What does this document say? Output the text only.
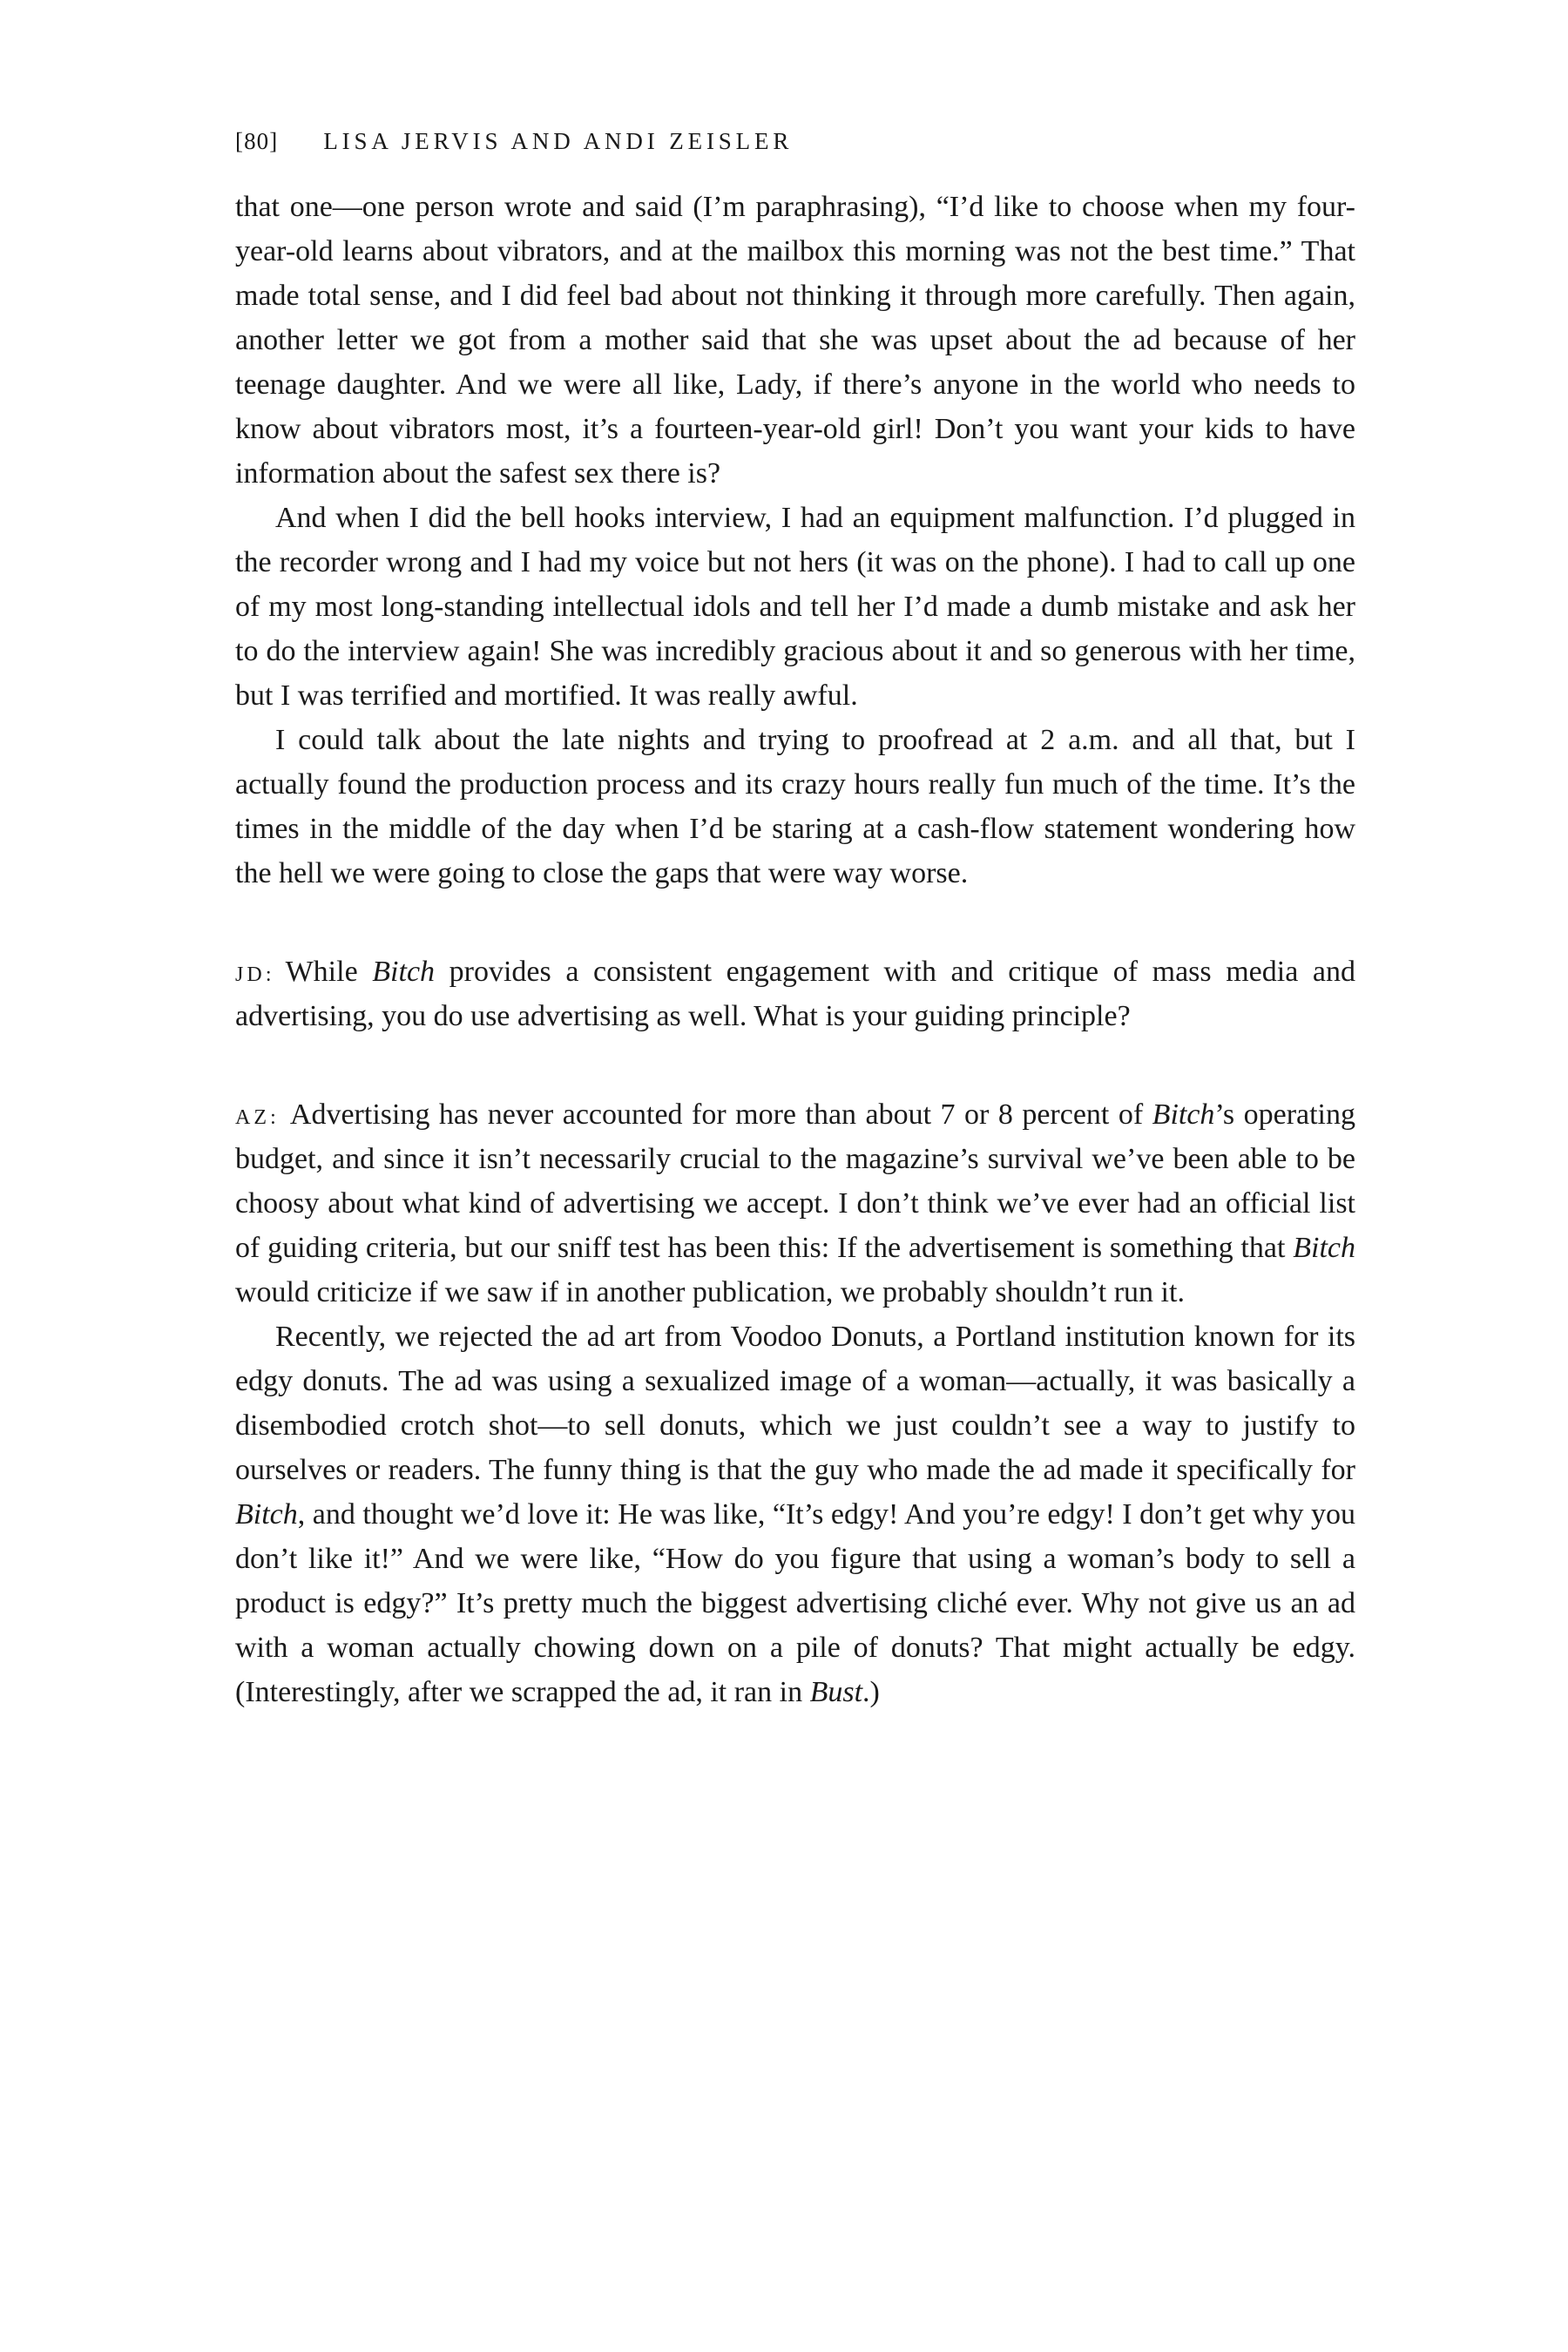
[80] LISA JERVIS AND ANDI ZEISLER

that one—one person wrote and said (I’m paraphrasing), “I’d like to choose when my four-year-old learns about vibrators, and at the mailbox this morning was not the best time.” That made total sense, and I did feel bad about not thinking it through more carefully. Then again, another letter we got from a mother said that she was upset about the ad because of her teenage daughter. And we were all like, Lady, if there’s anyone in the world who needs to know about vibrators most, it’s a fourteen-year-old girl! Don’t you want your kids to have information about the safest sex there is?

And when I did the bell hooks interview, I had an equipment malfunction. I’d plugged in the recorder wrong and I had my voice but not hers (it was on the phone). I had to call up one of my most long-standing intellectual idols and tell her I’d made a dumb mistake and ask her to do the interview again! She was incredibly gracious about it and so generous with her time, but I was terrified and mortified. It was really awful.

I could talk about the late nights and trying to proofread at 2 a.m. and all that, but I actually found the production process and its crazy hours really fun much of the time. It’s the times in the middle of the day when I’d be staring at a cash-flow statement wondering how the hell we were going to close the gaps that were way worse.

JD: While Bitch provides a consistent engagement with and critique of mass media and advertising, you do use advertising as well. What is your guiding principle?

AZ: Advertising has never accounted for more than about 7 or 8 percent of Bitch’s operating budget, and since it isn’t necessarily crucial to the magazine’s survival we’ve been able to be choosy about what kind of advertising we accept. I don’t think we’ve ever had an official list of guiding criteria, but our sniff test has been this: If the advertisement is something that Bitch would criticize if we saw if in another publication, we probably shouldn’t run it.

Recently, we rejected the ad art from Voodoo Donuts, a Portland institution known for its edgy donuts. The ad was using a sexualized image of a woman—actually, it was basically a disembodied crotch shot—to sell donuts, which we just couldn’t see a way to justify to ourselves or readers. The funny thing is that the guy who made the ad made it specifically for Bitch, and thought we’d love it: He was like, “It’s edgy! And you’re edgy! I don’t get why you don’t like it!” And we were like, “How do you figure that using a woman’s body to sell a product is edgy?” It’s pretty much the biggest advertising cliché ever. Why not give us an ad with a woman actually chowing down on a pile of donuts? That might actually be edgy. (Interestingly, after we scrapped the ad, it ran in Bust.)
